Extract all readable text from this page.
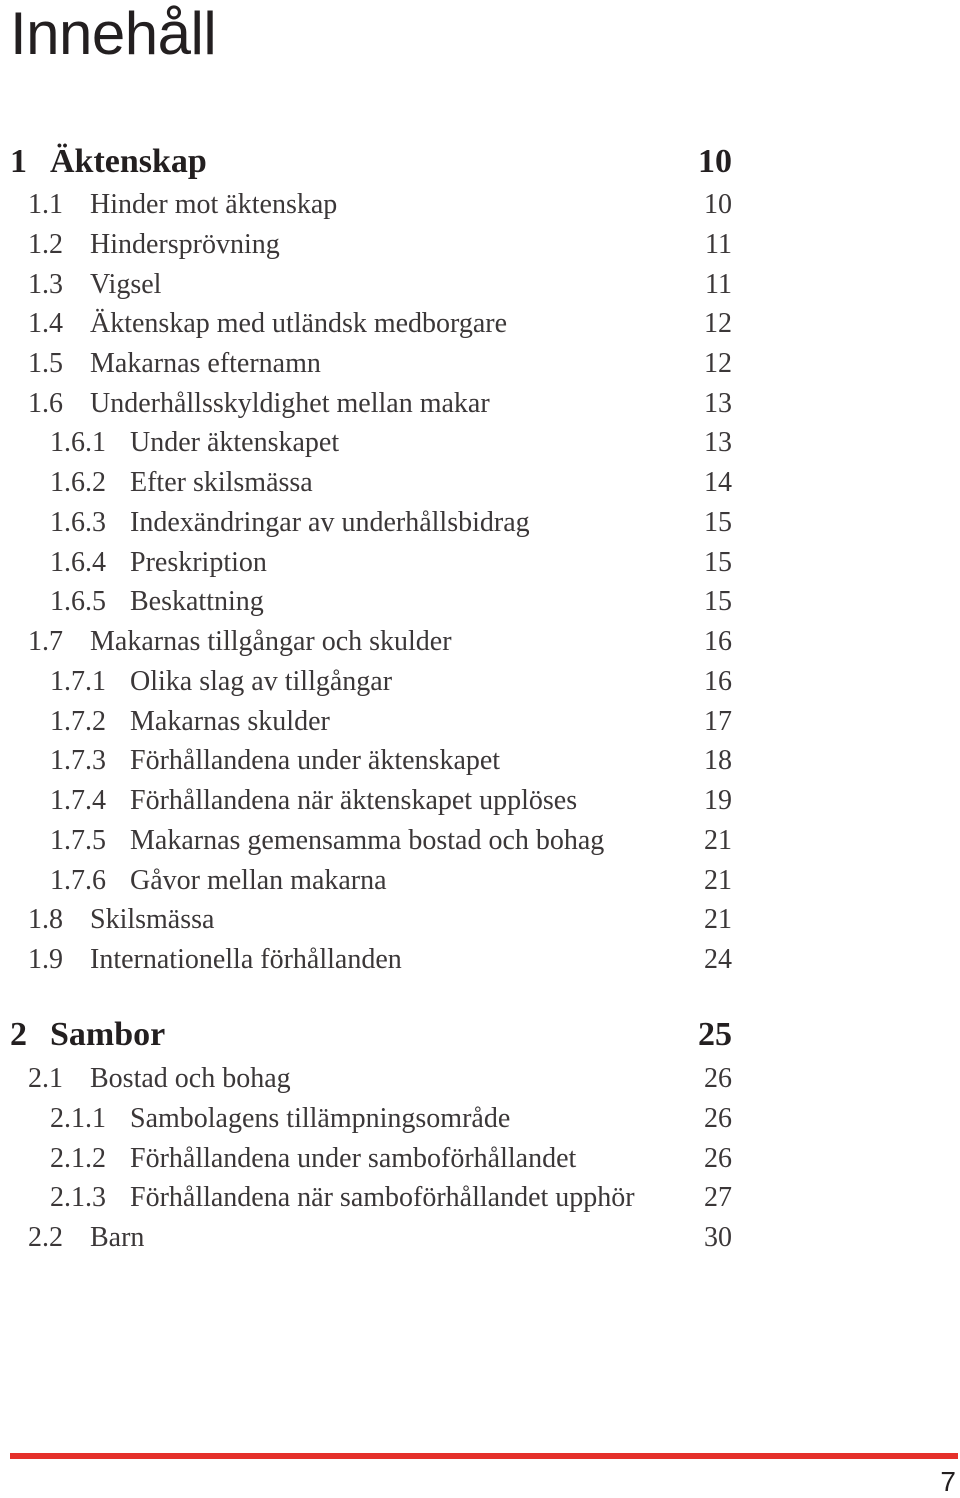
Innehåll
1 Äktenskap	10
1.1 Hinder mot äktenskap	10
1.2 Hindersprövning	11
1.3 Vigsel	11
1.4 Äktenskap med utländsk medborgare	12
1.5 Makarnas efternamn	12
1.6 Underhållsskyldighet mellan makar	13
1.6.1 Under äktenskapet	13
1.6.2 Efter skilsmässa	14
1.6.3 Indexändringar av underhållsbidrag	15
1.6.4 Preskription	15
1.6.5 Beskattning	15
1.7 Makarnas tillgångar och skulder	16
1.7.1 Olika slag av tillgångar	16
1.7.2 Makarnas skulder	17
1.7.3 Förhållandena under äktenskapet	18
1.7.4 Förhållandena när äktenskapet upplöses	19
1.7.5 Makarnas gemensamma bostad och bohag	21
1.7.6 Gåvor mellan makarna	21
1.8 Skilsmässa	21
1.9 Internationella förhållanden	24
2 Sambor	25
2.1 Bostad och bohag	26
2.1.1 Sambolagens tillämpningsområde	26
2.1.2 Förhållandena under samboförhållandet	26
2.1.3 Förhållandena när samboförhållandet upphör 27
2.2 Barn	30
7
